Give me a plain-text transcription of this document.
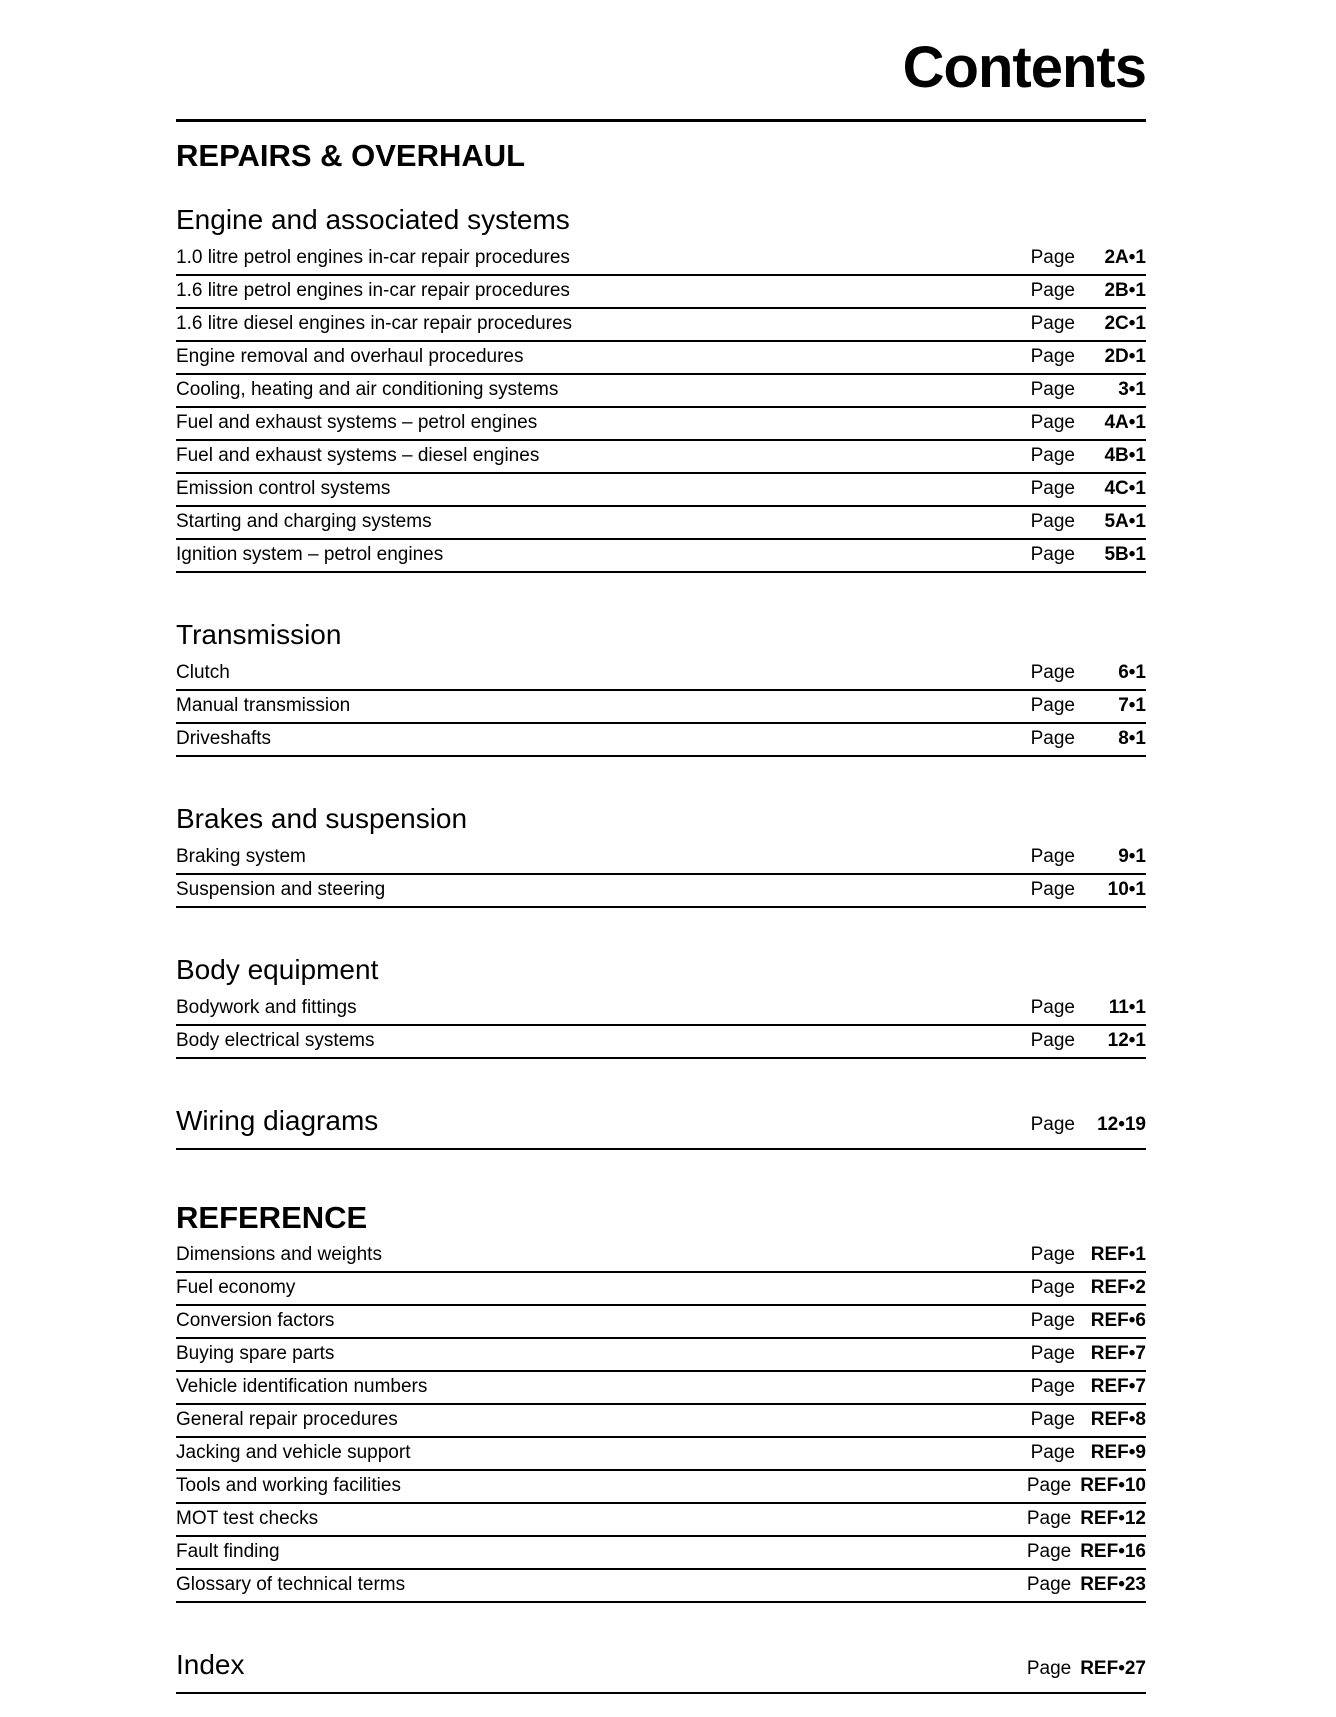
Contents
REPAIRS & OVERHAUL
Engine and associated systems
1.0 litre petrol engines in-car repair procedures	Page	2A•1
1.6 litre petrol engines in-car repair procedures	Page	2B•1
1.6 litre diesel engines in-car repair procedures	Page	2C•1
Engine removal and overhaul procedures	Page	2D•1
Cooling, heating and air conditioning systems	Page	3•1
Fuel and exhaust systems – petrol engines	Page	4A•1
Fuel and exhaust systems – diesel engines	Page	4B•1
Emission control systems	Page	4C•1
Starting and charging systems	Page	5A•1
Ignition system – petrol engines	Page	5B•1
Transmission
Clutch	Page	6•1
Manual transmission	Page	7•1
Driveshafts	Page	8•1
Brakes and suspension
Braking system	Page	9•1
Suspension and steering	Page	10•1
Body equipment
Bodywork and fittings	Page	11•1
Body electrical systems	Page	12•1
Wiring diagrams	Page	12•19
REFERENCE
Dimensions and weights	Page REF•1
Fuel economy	Page REF•2
Conversion factors	Page REF•6
Buying spare parts	Page REF•7
Vehicle identification numbers	Page REF•7
General repair procedures	Page REF•8
Jacking and vehicle support	Page REF•9
Tools and working facilities	Page REF•10
MOT test checks	Page REF•12
Fault finding	Page REF•16
Glossary of technical terms	Page REF•23
Index	Page REF•27
